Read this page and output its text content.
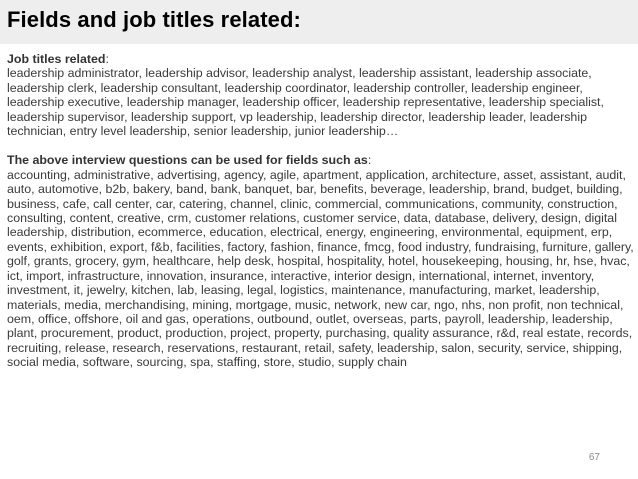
Fields and job titles related:

Job titles related:

leadership administrator, leadership advisor, leadership analyst, leadership assistant, leadership associate, leadership clerk, leadership consultant, leadership coordinator, leadership controller, leadership engineer, leadership executive, leadership manager, leadership officer, leadership representative, leadership specialist, leadership supervisor, leadership support, vp leadership, leadership director, leadership leader, leadership technician, entry level leadership, senior leadership, junior leadership…

The above interview questions can be used for fields such as:

accounting, administrative, advertising, agency, agile, apartment, application, architecture, asset, assistant, audit, auto, automotive, b2b, bakery, band, bank, banquet, bar, benefits, beverage, leadership, brand, budget, building, business, cafe, call center, car, catering, channel, clinic, commercial, communications, community, construction, consulting, content, creative, crm, customer relations, customer service, data, database, delivery, design, digital leadership, distribution, ecommerce, education, electrical, energy, engineering, environmental, equipment, erp, events, exhibition, export, f&b, facilities, factory, fashion, finance, fmcg, food industry, fundraising, furniture, gallery, golf, grants, grocery, gym, healthcare, help desk, hospital, hospitality, hotel, housekeeping, housing, hr, hse, hvac, ict, import, infrastructure, innovation, insurance, interactive, interior design, international, internet, inventory, investment, it, jewelry, kitchen, lab, leasing, legal, logistics, maintenance, manufacturing, market, leadership, materials, media, merchandising, mining, mortgage, music, network, new car, ngo, nhs, non profit, non technical, oem, office, offshore, oil and gas, operations, outbound, outlet, overseas, parts, payroll, leadership, leadership, plant, procurement, product, production, project, property, purchasing, quality assurance, r&d, real estate, records, recruiting, release, research, reservations, restaurant, retail, safety, leadership, salon, security, service, shipping, social media, software, sourcing, spa, staffing, store, studio, supply chain

67
